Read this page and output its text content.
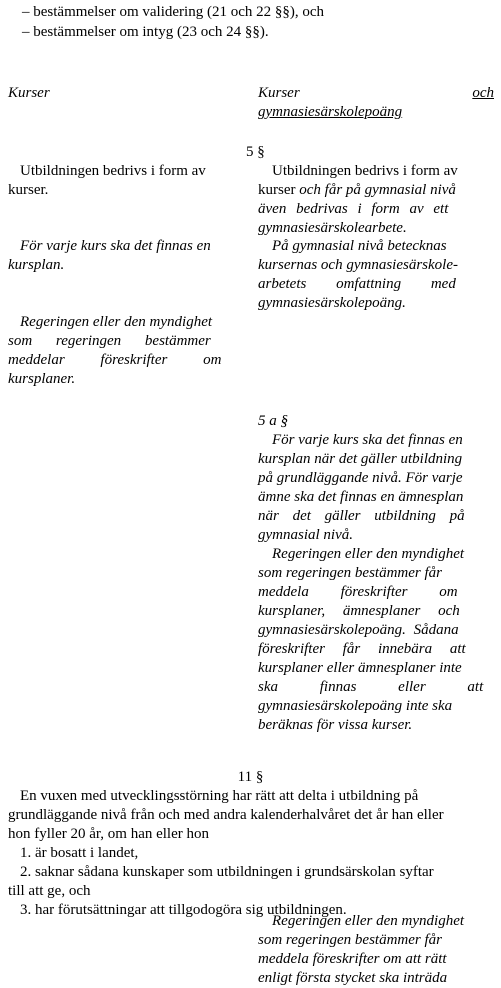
– bestämmelser om validering (21 och 22 §§), och
– bestämmelser om intyg (23 och 24 §§).
Kurser	Kurser	och
gymnasiesärskolepoäng
5 §
Utbildningen bedrivs i form av
kurser.
Utbildningen bedrivs i form av
kurser och får på gymnasial nivå
även bedrivas i form av ett
gymnasiesärskolearbete.
För varje kurs ska det finnas en
kursplan.
På gymnasial nivå betecknas
kursernas och gymnasiesärskole-
arbetets omfattning med
gymnasiesärskolepoäng.
Regeringen eller den myndighet
som regeringen bestämmer
meddelar föreskrifter om
kursplaner.
5 a §
För varje kurs ska det finnas en
kursplan när det gäller utbildning
på grundläggande nivå. För varje
ämne ska det finnas en ämnesplan
när det gäller utbildning på
gymnasial nivå.
Regeringen eller den myndighet
som regeringen bestämmer får
meddela föreskrifter om
kursplaner, ämnesplaner och
gymnasiesärskolepoäng. Sådana
föreskrifter får innebära att
kursplaner eller ämnesplaner inte
ska finnas eller att
gymnasiesärskolepoäng inte ska
beräknas för vissa kurser.
11 §
En vuxen med utvecklingsstörning har rätt att delta i utbildning på
grundläggande nivå från och med andra kalenderhalvåret det år han eller
hon fyller 20 år, om han eller hon
1. är bosatt i landet,
2. saknar sådana kunskaper som utbildningen i grundsärskolan syftar
till att ge, och
3. har förutsättningar att tillgodogöra sig utbildningen.
Regeringen eller den myndighet
som regeringen bestämmer får
meddela föreskrifter om att rätt
enligt första stycket ska inträda
